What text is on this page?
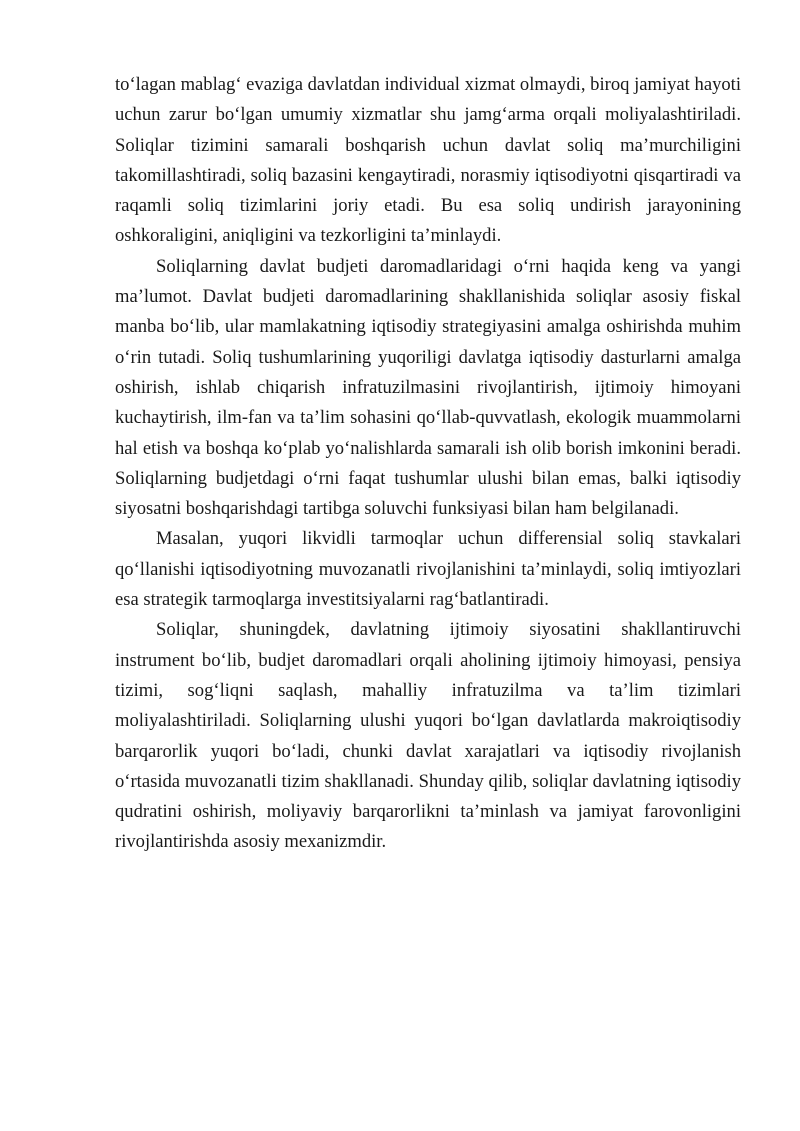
to‘lagan mablag‘ evaziga davlatdan individual xizmat olmaydi, biroq jamiyat hayoti uchun zarur bo‘lgan umumiy xizmatlar shu jamg‘arma orqali moliyalashtiriladi. Soliqlar tizimini samarali boshqarish uchun davlat soliq ma’murchiligini takomillashtiradi, soliq bazasini kengaytiradi, norasmiy iqtisodiyotni qisqartiradi va raqamli soliq tizimlarini joriy etadi. Bu esa soliq undirish jarayonining oshkoraligini, aniqligini va tezkorligini ta’minlaydi.

Soliqlarning davlat budjeti daromadlaridagi o‘rni haqida keng va yangi ma’lumot. Davlat budjeti daromadlarining shakllanishida soliqlar asosiy fiskal manba bo‘lib, ular mamlakatning iqtisodiy strategiyasini amalga oshirishda muhim o‘rin tutadi. Soliq tushumlarining yuqoriligi davlatga iqtisodiy dasturlarni amalga oshirish, ishlab chiqarish infratuzilmasini rivojlantirish, ijtimoiy himoyani kuchaytirish, ilm-fan va ta’lim sohasini qo‘llab-quvvatlash, ekologik muammolarni hal etish va boshqa ko‘plab yo‘nalishlarda samarali ish olib borish imkonini beradi. Soliqlarning budjetdagi o‘rni faqat tushumlar ulushi bilan emas, balki iqtisodiy siyosatni boshqarishdagi tartibga soluvchi funksiyasi bilan ham belgilanadi.

Masalan, yuqori likvidli tarmoqlar uchun differensial soliq stavkalari qo‘llanishi iqtisodiyotning muvozanatli rivojlanishini ta’minlaydi, soliq imtiyozlari esa strategik tarmoqlarga investitsiyalarni rag‘batlantiradi.

Soliqlar, shuningdek, davlatning ijtimoiy siyosatini shakllantiruvchi instrument bo‘lib, budjet daromadlari orqali aholining ijtimoiy himoyasi, pensiya tizimi, sog‘liqni saqlash, mahalliy infratuzilma va ta’lim tizimlari moliyalashtiriladi. Soliqlarning ulushi yuqori bo‘lgan davlatlarda makroiqtisodiy barqarorlik yuqori bo‘ladi, chunki davlat xarajatlari va iqtisodiy rivojlanish o‘rtasida muvozanatli tizim shakllanadi. Shunday qilib, soliqlar davlatning iqtisodiy qudratini oshirish, moliyaviy barqarorlikni ta’minlash va jamiyat farovonligini rivojlantirishda asosiy mexanizmdir.
